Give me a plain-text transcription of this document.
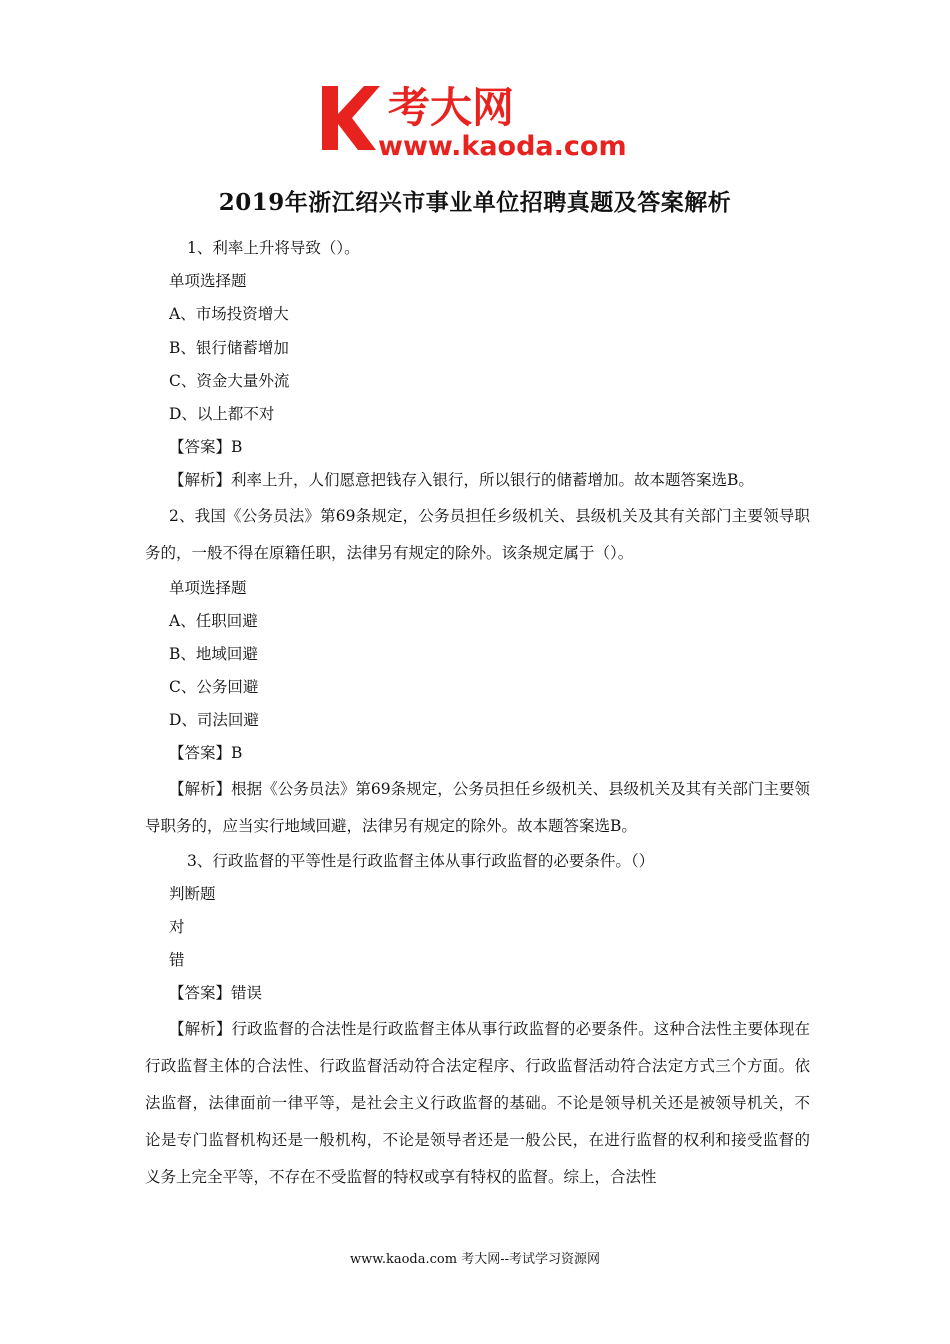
考大网
www.kaoda.com
2019年浙江绍兴市事业单位招聘真题及答案解析
1、利率上升将导致（）。
单项选择题
A、市场投资增大
B、银行储蓄增加
C、资金大量外流
D、以上都不对
【答案】B
【解析】利率上升，人们愿意把钱存入银行，所以银行的储蓄增加。故本题答案选B。
2、我国《公务员法》第69条规定，公务员担任乡级机关、县级机关及其有关部门主要领导职务的，一般不得在原籍任职，法律另有规定的除外。该条规定属于（）。
单项选择题
A、任职回避
B、地域回避
C、公务回避
D、司法回避
【答案】B
【解析】根据《公务员法》第69条规定，公务员担任乡级机关、县级机关及其有关部门主要领导职务的，应当实行地域回避，法律另有规定的除外。故本题答案选B。
3、行政监督的平等性是行政监督主体从事行政监督的必要条件。（）
判断题
对
错
【答案】错误
【解析】行政监督的合法性是行政监督主体从事行政监督的必要条件。这种合法性主要体现在行政监督主体的合法性、行政监督活动符合法定程序、行政监督活动符合法定方式三个方面。依法监督，法律面前一律平等，是社会主义行政监督的基础。不论是领导机关还是被领导机关，不论是专门监督机构还是一般机构，不论是领导者还是一般公民，在进行监督的权利和接受监督的义务上完全平等，不存在不受监督的特权或享有特权的监督。综上，合法性
www.kaoda.com 考大网--考试学习资源网
